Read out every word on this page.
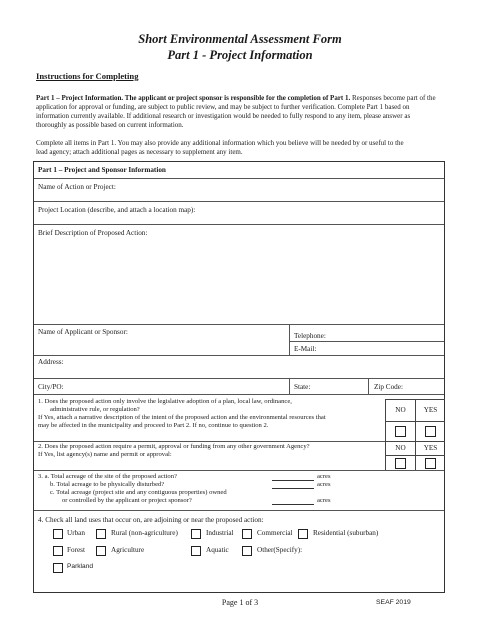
Short Environmental Assessment Form
Part 1 - Project Information
Instructions for Completing
Part 1 – Project Information. The applicant or project sponsor is responsible for the completion of Part 1. Responses become part of the
application for approval or funding, are subject to public review, and may be subject to further verification. Complete Part 1 based on
information currently available. If additional research or investigation would be needed to fully respond to any item, please answer as
thoroughly as possible based on current information.
Complete all items in Part 1. You may also provide any additional information which you believe will be needed by or useful to the
lead agency; attach additional pages as necessary to supplement any item.
Part 1 – Project and Sponsor Information
Name of Action or Project:
Project Location (describe, and attach a location map):
Brief Description of Proposed Action:
Name of Applicant or Sponsor:	Telephone:
E-Mail:
Address:
City/PO:	State:	Zip Code:
1. Does the proposed action only involve the legislative adoption of a plan, local law, ordinance,
administrative rule, or regulation?
If Yes, attach a narrative description of the intent of the proposed action and the environmental resources that
may be affected in the municipality and proceed to Part 2. If no, continue to question 2.
NO	YES
2. Does the proposed action require a permit, approval or funding from any other government Agency?
If Yes, list agency(s) name and permit or approval:
NO	YES
3. a. Total acreage of the site of the proposed action?	acres
b. Total acreage to be physically disturbed?	acres
c. Total acreage (project site and any contiguous properties) owned
or controlled by the applicant or project sponsor?	acres
4. Check all land uses that occur on, are adjoining or near the proposed action:
Urban	Rural (non-agriculture)	Industrial	Commercial	Residential (suburban)
Forest	Agriculture	Aquatic	Other(Specify):
Parkland
Page 1 of 3	SEAF 2019
